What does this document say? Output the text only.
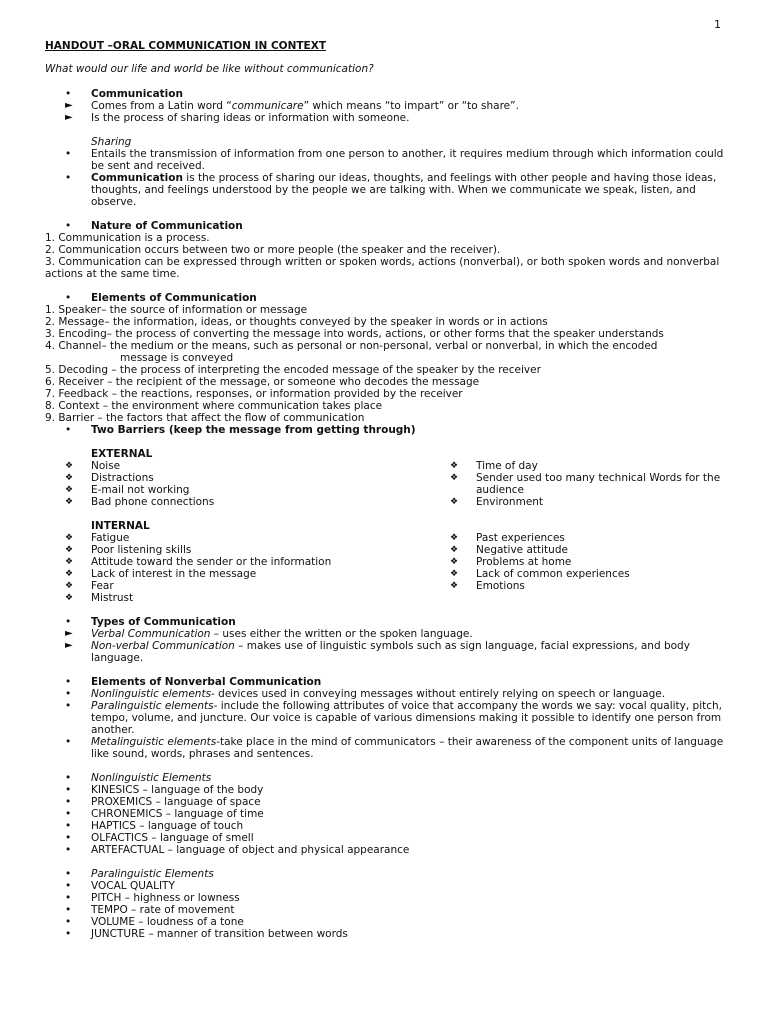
1
HANDOUT –ORAL COMMUNICATION IN CONTEXT
What would our life and world be like without communication?
•	Communication
►	Comes from a Latin word “communicare” which means “to impart” or “to share”.
►	Is the process of sharing ideas or information with someone.
Sharing
•	Entails the transmission of information from one person to another, it requires medium through which information could be sent and received.
•	Communication is the process of sharing our ideas, thoughts, and feelings with other people and having those ideas, thoughts, and feelings understood by the people we are talking with. When we communicate we speak, listen, and observe.
•	Nature of Communication
1. Communication is a process.
2. Communication occurs between two or more people (the speaker and the receiver).
3. Communication can be expressed through written or spoken words, actions (nonverbal), or both spoken words and nonverbal actions at the same time.
•	Elements of Communication
1. Speaker– the source of information or message
2. Message– the information, ideas, or thoughts conveyed by the speaker in words or in actions
3. Encoding– the process of converting the message into words, actions, or other forms that the speaker understands
4. Channel– the medium or the means, such as personal or non-personal, verbal or nonverbal, in which the encoded
message is conveyed
5. Decoding – the process of interpreting the encoded message of the speaker by the receiver
6. Receiver – the recipient of the message, or someone who decodes the message
7. Feedback – the reactions, responses, or information provided by the receiver
8. Context – the environment where communication takes place
9. Barrier – the factors that affect the flow of communication
•	Two Barriers (keep the message from getting through)
EXTERNAL
❖	Noise
❖	Distractions
❖	E-mail not working
❖	Bad phone connections
❖	Time of day
❖	Sender used too many technical Words for the audience
❖	Environment
INTERNAL
❖	Fatigue
❖	Poor listening skills
❖	Attitude toward the sender or the information
❖	Lack of interest in the message
❖	Fear
❖	Mistrust
❖	Past experiences
❖	Negative attitude
❖	Problems at home
❖	Lack of common experiences
❖	Emotions
•	Types of Communication
►	Verbal Communication – uses either the written or the spoken language.
►	Non-verbal Communication – makes use of linguistic symbols such as sign language, facial expressions, and body language.
•	Elements of Nonverbal Communication
•	Nonlinguistic elements- devices used in conveying messages without entirely relying on speech or language.
•	Paralinguistic elements- include the following attributes of voice that accompany the words we say: vocal quality, pitch, tempo, volume, and juncture. Our voice is capable of various dimensions making it possible to identify one person from another.
•	Metalinguistic elements-take place in the mind of communicators – their awareness of the component units of language like sound, words, phrases and sentences.
•	Nonlinguistic Elements
•	KINESICS – language of the body
•	PROXEMICS – language of space
•	CHRONEMICS – language of time
•	HAPTICS – language of touch
•	OLFACTICS – language of smell
•	ARTEFACTUAL – language of object and physical appearance
•	Paralinguistic Elements
•	VOCAL QUALITY
•	PITCH – highness or lowness
•	TEMPO – rate of movement
•	VOLUME – loudness of a tone
•	JUNCTURE – manner of transition between words
